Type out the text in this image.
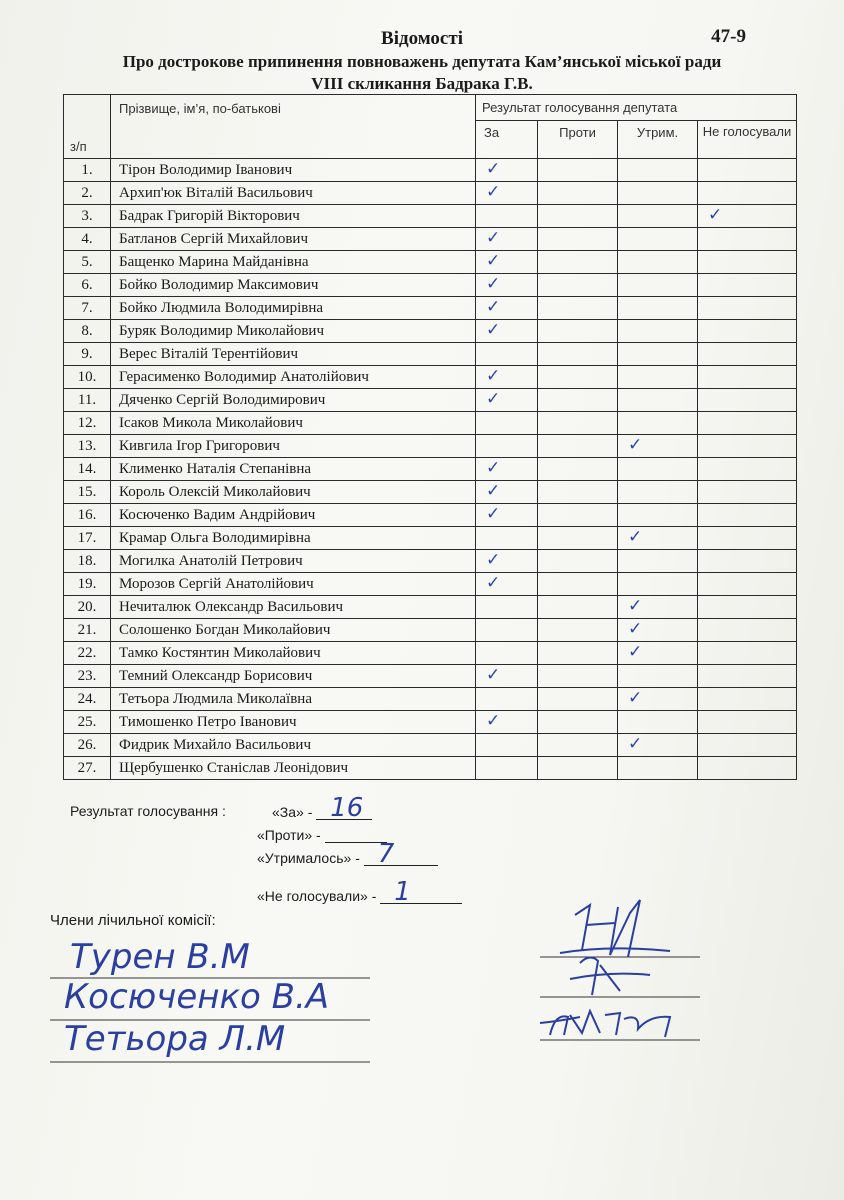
Відомості	47-9
Про дострокове припинення повноважень депутата Кам’янської міської ради
VIII скликання Бадрака Г.В.
з/п	Прізвище, ім’я, по-батькові	Результат голосування депутата			
		За	Проти	Утрим.	Не голосували
1.	Тірон Володимир Іванович	✓			
2.	Архип'юк Віталій Васильович	✓			
3.	Бадрак Григорій Вікторович				✓
4.	Батланов Сергій Михайлович	✓			
5.	Бащенко Марина Майданівна	✓			
6.	Бойко Володимир Максимович	✓			
7.	Бойко Людмила Володимирівна	✓			
8.	Буряк Володимир Миколайович	✓			
9.	Верес Віталій Терентійович				
10.	Герасименко Володимир Анатолійович	✓			
11.	Дяченко Сергій Володимирович	✓			
12.	Ісаков Микола Миколайович				
13.	Кивгила Ігор Григорович			✓	
14.	Клименко Наталія Степанівна	✓			
15.	Король Олексій Миколайович	✓			
16.	Косюченко Вадим Андрійович	✓			
17.	Крамар Ольга Володимирівна			✓	
18.	Могилка Анатолій Петрович	✓			
19.	Морозов Сергій Анатолійович	✓			
20.	Нечиталюк Олександр Васильович			✓	
21.	Солошенко Богдан Миколайович			✓	
22.	Тамко Костянтин Миколайович			✓	
23.	Темний Олександр Борисович	✓			
24.	Тетьора Людмила Миколаївна			✓	
25.	Тимошенко Петро Іванович	✓			
26.	Фидрик Михайло Васильович			✓	
27.	Щербушенко Станіслав Леонідович				
Результат голосування :	«За» - 16
«Проти» -
«Утрималось» - 7
«Не голосували» - 1
Члени лічильної комісії:
Турен В.М
Косюченко В.А
Тетьора Л.М
